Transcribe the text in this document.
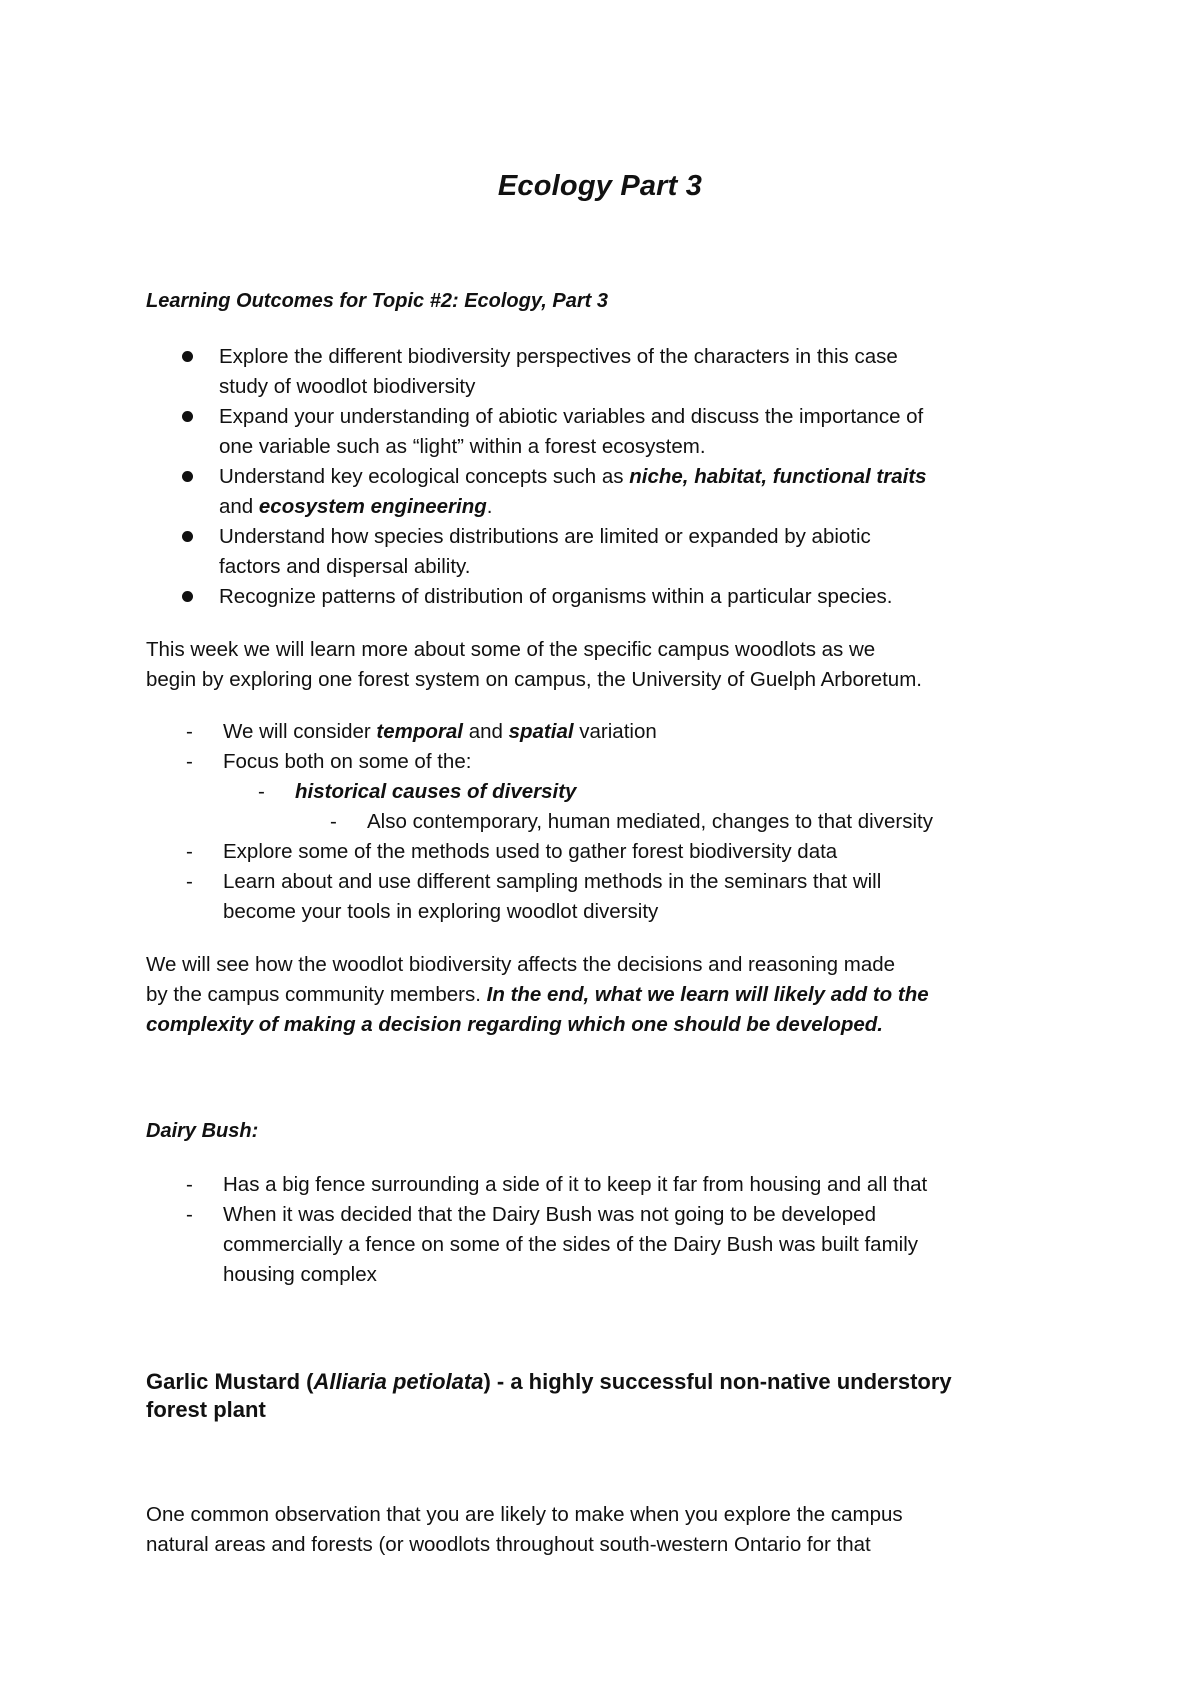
Ecology Part 3
Learning Outcomes for Topic #2: Ecology, Part 3
Explore the different biodiversity perspectives of the characters in this case
study of woodlot biodiversity
Expand your understanding of abiotic variables and discuss the importance of
one variable such as “light” within a forest ecosystem.
Understand key ecological concepts such as niche, habitat, functional traits
and ecosystem engineering.
Understand how species distributions are limited or expanded by abiotic
factors and dispersal ability.
Recognize patterns of distribution of organisms within a particular species.
This week we will learn more about some of the specific campus woodlots as we
begin by exploring one forest system on campus, the University of Guelph Arboretum.
- We will consider temporal and spatial variation
- Focus both on some of the:
- historical causes of diversity
- Also contemporary, human mediated, changes to that diversity
- Explore some of the methods used to gather forest biodiversity data
- Learn about and use different sampling methods in the seminars that will
become your tools in exploring woodlot diversity
We will see how the woodlot biodiversity affects the decisions and reasoning made
by the campus community members. In the end, what we learn will likely add to the
complexity of making a decision regarding which one should be developed.
Dairy Bush:
- Has a big fence surrounding a side of it to keep it far from housing and all that
- When it was decided that the Dairy Bush was not going to be developed
commercially a fence on some of the sides of the Dairy Bush was built family
housing complex
Garlic Mustard (Alliaria petiolata) - a highly successful non-native understory
forest plant
One common observation that you are likely to make when you explore the campus
natural areas and forests (or woodlots throughout south-western Ontario for that
